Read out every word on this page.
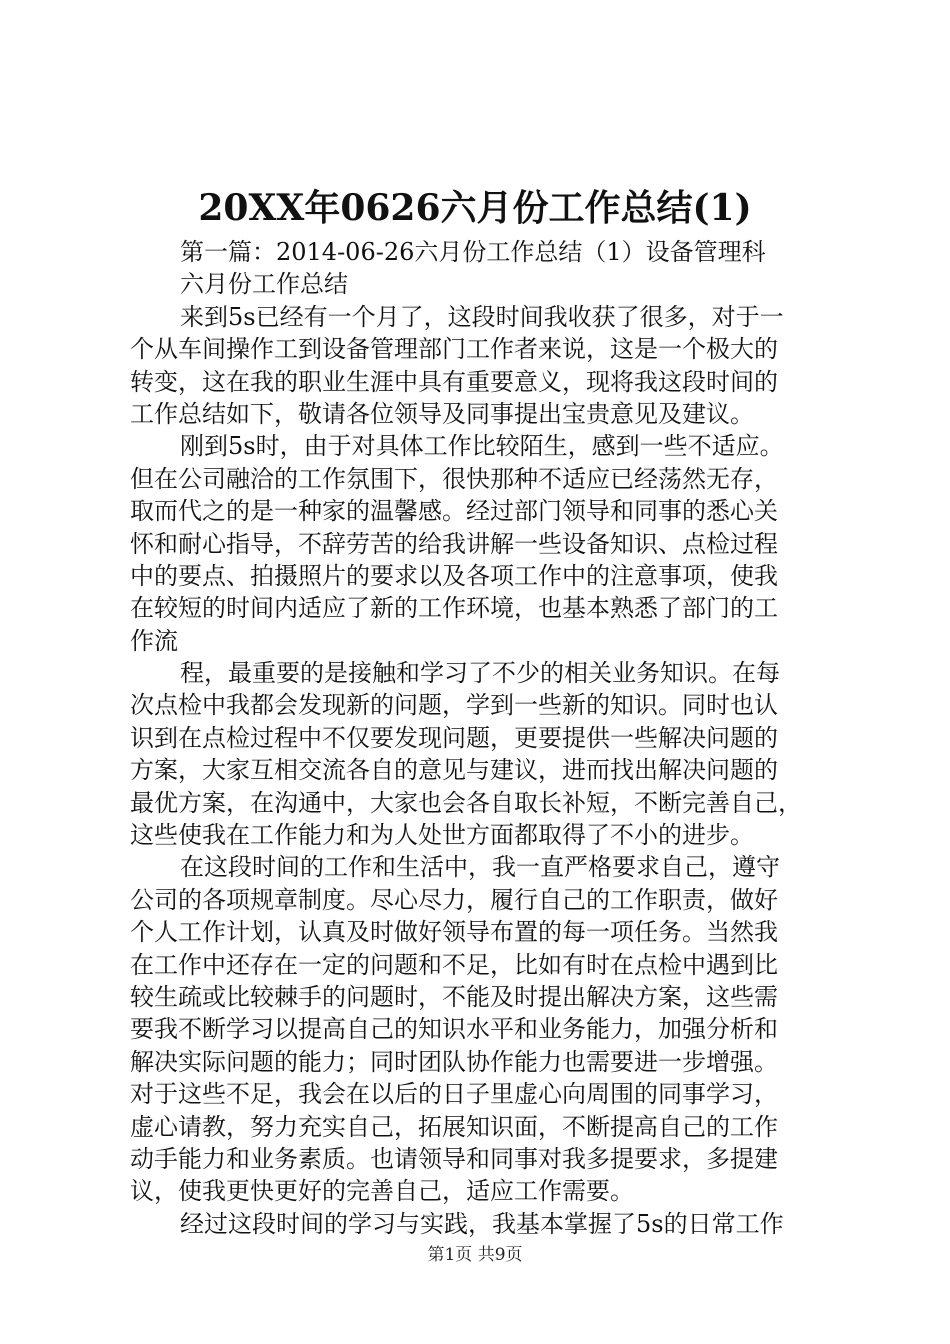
20XX年0626六月份工作总结(1)
第一篇：2014-06-26六月份工作总结（1）设备管理科
六月份工作总结
来到5s已经有一个月了，这段时间我收获了很多，对于一
个从车间操作工到设备管理部门工作者来说，这是一个极大的
转变，这在我的职业生涯中具有重要意义，现将我这段时间的
工作总结如下，敬请各位领导及同事提出宝贵意见及建议。
刚到5s时，由于对具体工作比较陌生，感到一些不适应。
但在公司融洽的工作氛围下，很快那种不适应已经荡然无存，
取而代之的是一种家的温馨感。经过部门领导和同事的悉心关
怀和耐心指导，不辞劳苦的给我讲解一些设备知识、点检过程
中的要点、拍摄照片的要求以及各项工作中的注意事项，使我
在较短的时间内适应了新的工作环境，也基本熟悉了部门的工
作流
程，最重要的是接触和学习了不少的相关业务知识。在每
次点检中我都会发现新的问题，学到一些新的知识。同时也认
识到在点检过程中不仅要发现问题，更要提供一些解决问题的
方案，大家互相交流各自的意见与建议，进而找出解决问题的
最优方案，在沟通中，大家也会各自取长补短，不断完善自己，
这些使我在工作能力和为人处世方面都取得了不小的进步。
在这段时间的工作和生活中，我一直严格要求自己，遵守
公司的各项规章制度。尽心尽力，履行自己的工作职责，做好
个人工作计划，认真及时做好领导布置的每一项任务。当然我
在工作中还存在一定的问题和不足，比如有时在点检中遇到比
较生疏或比较棘手的问题时，不能及时提出解决方案，这些需
要我不断学习以提高自己的知识水平和业务能力，加强分析和
解决实际问题的能力；同时团队协作能力也需要进一步增强。
对于这些不足，我会在以后的日子里虚心向周围的同事学习，
虚心请教，努力充实自己，拓展知识面，不断提高自己的工作
动手能力和业务素质。也请领导和同事对我多提要求，多提建
议，使我更快更好的完善自己，适应工作需要。
经过这段时间的学习与实践，我基本掌握了5s的日常工作
第1页 共9页
